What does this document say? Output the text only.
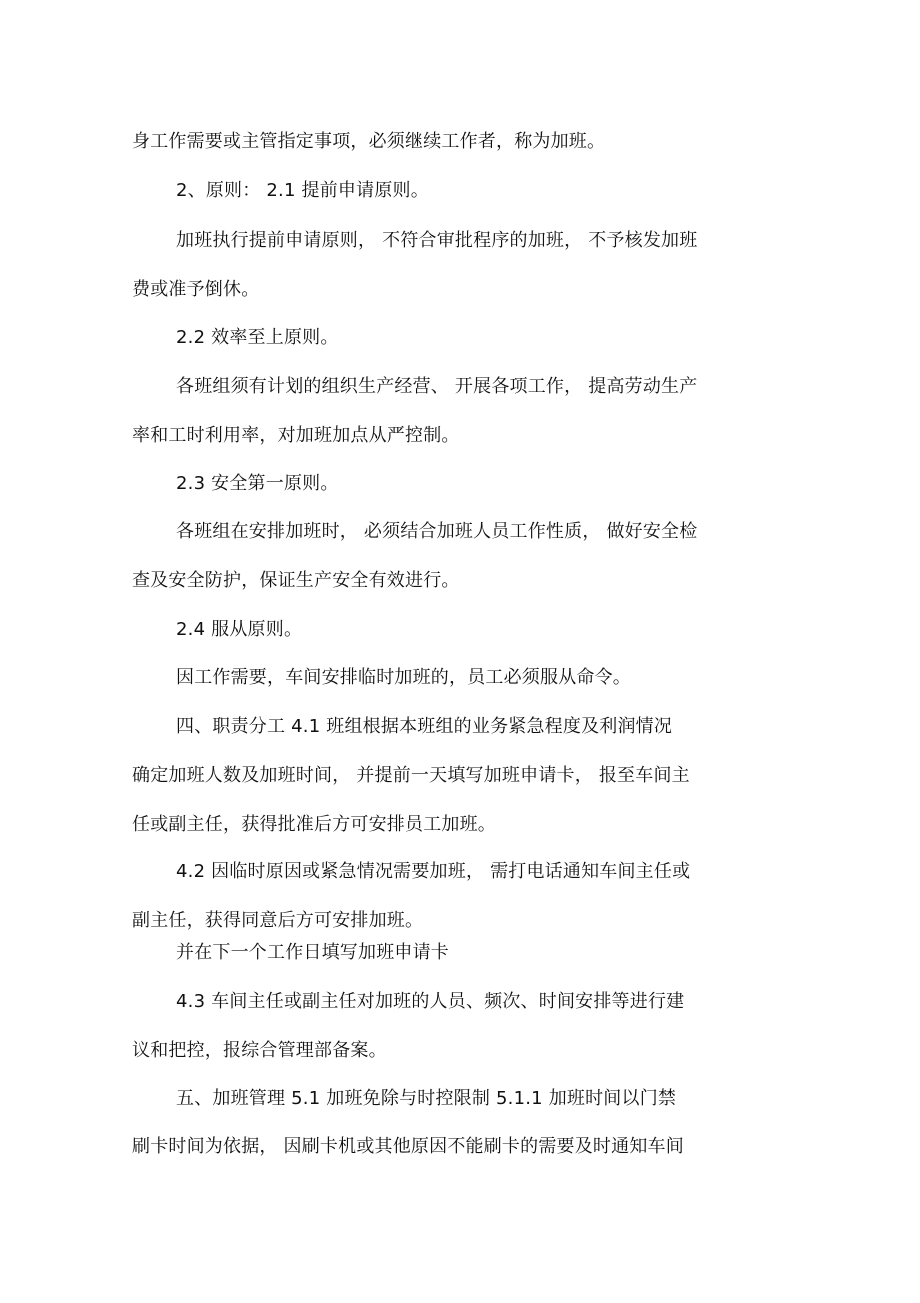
身工作需要或主管指定事项，必须继续工作者，称为加班。
2、原则： 2.1 提前申请原则。
加班执行提前申请原则， 不符合审批程序的加班， 不予核发加班
费或准予倒休。
2.2 效率至上原则。
各班组须有计划的组织生产经营、 开展各项工作， 提高劳动生产
率和工时利用率，对加班加点从严控制。
2.3 安全第一原则。
各班组在安排加班时， 必须结合加班人员工作性质， 做好安全检
查及安全防护，保证生产安全有效进行。
2.4 服从原则。
因工作需要，车间安排临时加班的，员工必须服从命令。
四、职责分工 4.1 班组根据本班组的业务紧急程度及利润情况
确定加班人数及加班时间， 并提前一天填写加班申请卡， 报至车间主
任或副主任，获得批准后方可安排员工加班。
4.2 因临时原因或紧急情况需要加班， 需打电话通知车间主任或
副主任，获得同意后方可安排加班。
并在下一个工作日填写加班申请卡
4.3 车间主任或副主任对加班的人员、频次、时间安排等进行建
议和把控，报综合管理部备案。
五、加班管理 5.1 加班免除与时控限制 5.1.1 加班时间以门禁
刷卡时间为依据， 因刷卡机或其他原因不能刷卡的需要及时通知车间
